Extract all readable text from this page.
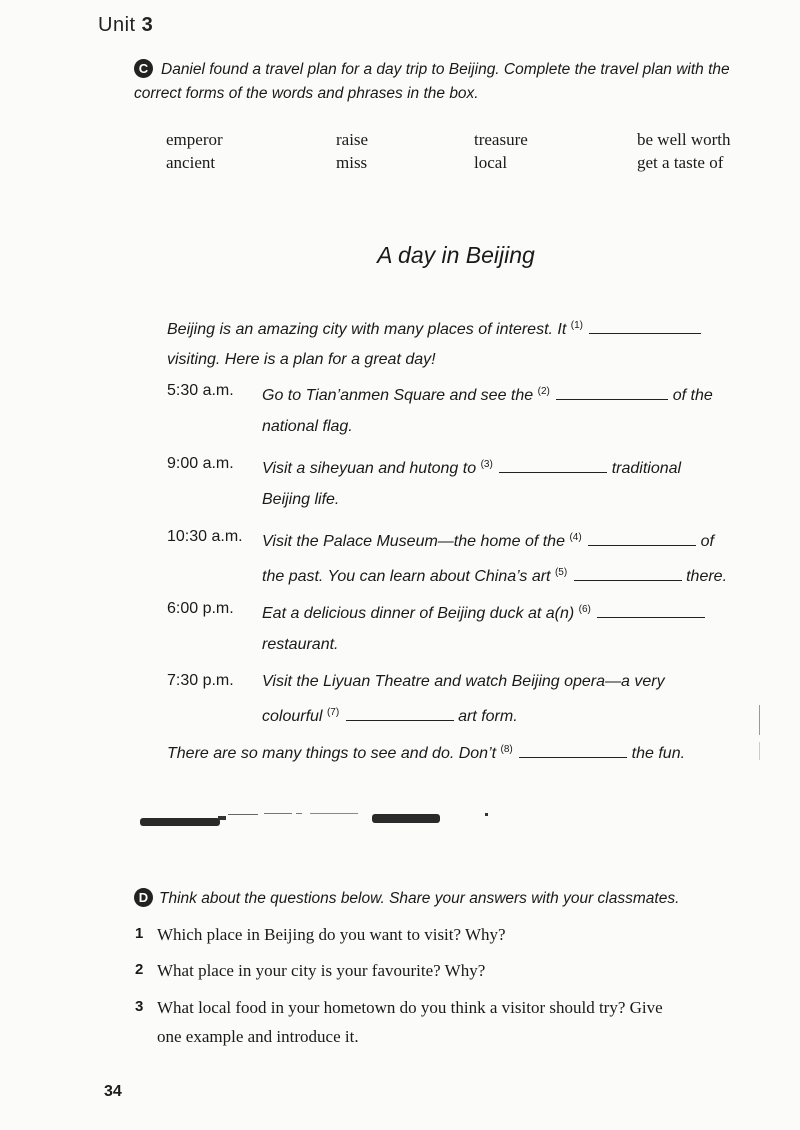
Unit 3
C Daniel found a travel plan for a day trip to Beijing. Complete the travel plan with the correct forms of the words and phrases in the box.
emperor	raise	treasure	be well worth
ancient	miss	local	get a taste of
A day in Beijing
Beijing is an amazing city with many places of interest. It $^{(1)}$
visiting. Here is a plan for a great day!
5:30 a.m. Go to Tian’anmen Square and see the $^{(2)}$	of the
national flag.
9:00 a.m. Visit a siheyuan and hutong to $^{(3)}$	traditional
Beijing life.
10:30 a.m. Visit the Palace Museum—the home of the $^{(4)}$	of
the past. You can learn about China’s art $^{(5)}$	there.
6:00 p.m. Eat a delicious dinner of Beijing duck at a(n) $^{(6)}$
restaurant.
7:30 p.m. Visit the Liyuan Theatre and watch Beijing opera—a very
colourful $^{(7)}$	art form.
There are so many things to see and do. Don’t $^{(8)}$	the fun.
D Think about the questions below. Share your answers with your classmates.
1 Which place in Beijing do you want to visit? Why?
2 What place in your city is your favourite? Why?
3 What local food in your hometown do you think a visitor should try? Give
one example and introduce it.
34
